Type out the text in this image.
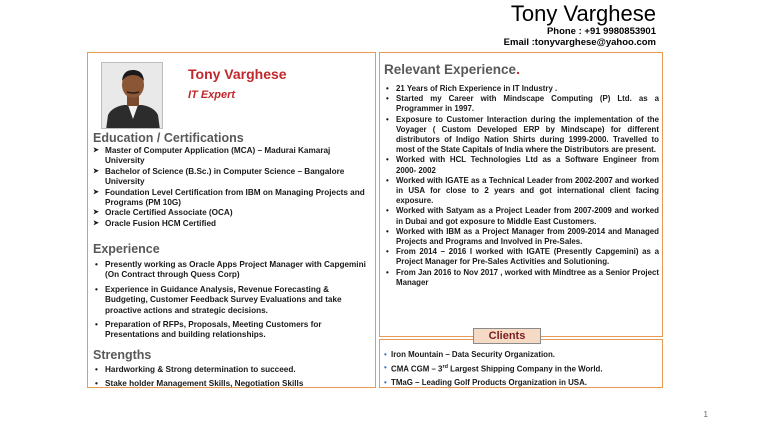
Tony Varghese
Phone : +91 9980853901
Email :tonyvarghese@yahoo.com
Tony Varghese
IT Expert
Education / Certifications
➤ Master of Computer Application (MCA) – Madurai Kamaraj University
➤ Bachelor of Science (B.Sc.) in Computer Science – Bangalore University
➤ Foundation Level Certification from IBM on Managing Projects and Programs (PM 10G)
➤ Oracle Certified Associate (OCA)
➤ Oracle Fusion HCM Certified
Experience
• Presently working as Oracle Apps Project Manager with Capgemini (On Contract through Quess Corp)
• Experience in Guidance Analysis, Revenue Forecasting & Budgeting, Customer Feedback Survey Evaluations and take proactive actions and strategic decisions.
• Preparation of RFPs, Proposals, Meeting Customers for Presentations and building relationships.
Strengths
• Hardworking & Strong determination to succeed.
• Stake holder Management Skills, Negotiation Skills
Relevant Experience.
• 21 Years of Rich Experience in IT Industry .
• Started my Career with Mindscape Computing (P) Ltd. as a Programmer in 1997.
• Exposure to Customer Interaction during the implementation of the Voyager ( Custom Developed ERP by Mindscape) for different distributors of Indigo Nation Shirts during 1999-2000. Travelled to most of the State Capitals of India where the Distributors are present.
• Worked with HCL Technologies Ltd as a Software Engineer from 2000- 2002
• Worked with IGATE as a Technical Leader from 2002-2007 and worked in USA for close to 2 years and got international client facing exposure.
• Worked with Satyam as a Project Leader from 2007-2009 and worked in Dubai and got exposure to Middle East Customers.
• Worked with IBM as a Project Manager from 2009-2014 and Managed Projects and Programs and Involved in Pre-Sales.
• From 2014 – 2016 I worked with IGATE (Presently Capgemini) as a Project Manager for Pre-Sales Activities and Solutioning.
• From Jan 2016 to Nov 2017 , worked with Mindtree as a Senior Project Manager
Clients
• Iron Mountain – Data Security Organization.
• CMA CGM – 3rd Largest Shipping Company in the World.
• TMaG – Leading Golf Products Organization in USA.
1
